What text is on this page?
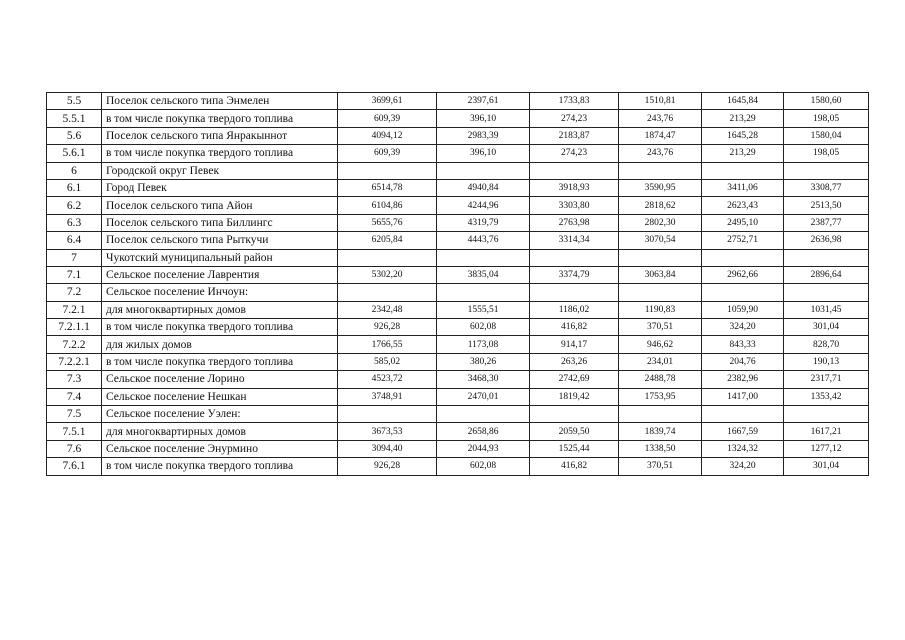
5.5	Поселок сельского типа Энмелен	3699,61	2397,61	1733,83	1510,81	1645,84	1580,60
5.5.1	в том числе покупка твердого топлива	609,39	396,10	274,23	243,76	213,29	198,05
5.6	Поселок сельского типа Янракыннот	4094,12	2983,39	2183,87	1874,47	1645,28	1580,04
5.6.1	в том числе покупка твердого топлива	609,39	396,10	274,23	243,76	213,29	198,05
6	Городской округ Певек						
6.1	Город Певек	6514,78	4940,84	3918,93	3590,95	3411,06	3308,77
6.2	Поселок сельского типа Айон	6104,86	4244,96	3303,80	2818,62	2623,43	2513,50
6.3	Поселок сельского типа Биллингс	5655,76	4319,79	2763,98	2802,30	2495,10	2387,77
6.4	Поселок сельского типа Рыткучи	6205,84	4443,76	3314,34	3070,54	2752,71	2636,98
7	Чукотский муниципальный район						
7.1	Сельское поселение Лаврентия	5302,20	3835,04	3374,79	3063,84	2962,66	2896,64
7.2	Сельское поселение Инчоун:						
7.2.1	для многоквартирных домов	2342,48	1555,51	1186,02	1190,83	1059,90	1031,45
7.2.1.1	в том числе покупка твердого топлива	926,28	602,08	416,82	370,51	324,20	301,04
7.2.2	для жилых домов	1766,55	1173,08	914,17	946,62	843,33	828,70
7.2.2.1	в том числе покупка твердого топлива	585,02	380,26	263,26	234,01	204,76	190,13
7.3	Сельское поселение Лорино	4523,72	3468,30	2742,69	2488,78	2382,96	2317,71
7.4	Сельское поселение Нешкан	3748,91	2470,01	1819,42	1753,95	1417,00	1353,42
7.5	Сельское поселение Уэлен:						
7.5.1	для многоквартирных домов	3673,53	2658,86	2059,50	1839,74	1667,59	1617,21
7.6	Сельское поселение Энурмино	3094,40	2044,93	1525,44	1338,50	1324,32	1277,12
7.6.1	в том числе покупка твердого топлива	926,28	602,08	416,82	370,51	324,20	301,04
